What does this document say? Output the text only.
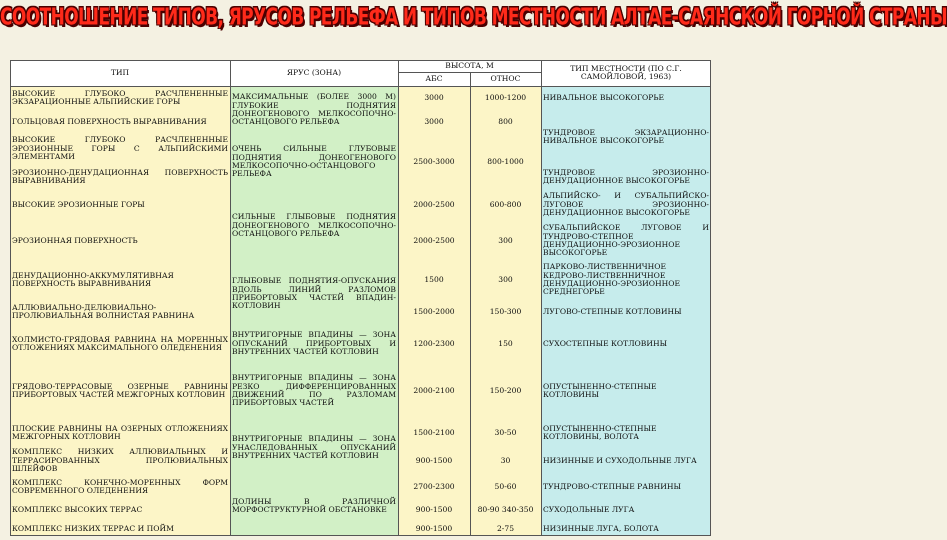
СООТНОШЕНИЕ ТИПОВ, ЯРУСОВ РЕЛЬЕФА И ТИПОВ МЕСТНОСТИ АЛТАЕ-САЯНСКОЙ ГОРНОЙ СТРАНЫ
ТИП	ЯРУС (ЗОНА)
ВЫСОТА, М
АБС	ОТНОС
ТИП МЕСТНОСТИ (ПО С.Г. САМОЙЛОВОЙ, 1963)
ВЫСОКИЕ ГЛУБОКО РАСЧЛЕНЕННЫЕ ЭКЗАРАЦИОННЫЕ АЛЬПИЙСКИЕ ГОРЫ
ГОЛЬЦОВАЯ ПОВЕРХНОСТЬ ВЫРАВНИВАНИЯ
ВЫСОКИЕ ГЛУБОКО РАСЧЛЕНЕННЫЕ ЭРОЗИОННЫЕ ГОРЫ С АЛЬПИЙСКИМИ ЭЛЕМЕНТАМИ
ЭРОЗИОННО-ДЕНУДАЦИОННАЯ ПОВЕРХНОСТЬ ВЫРАВНИВАНИЯ
ВЫСОКИЕ ЭРОЗИОННЫЕ ГОРЫ
ЭРОЗИОННАЯ ПОВЕРХНОСТЬ
ДЕНУДАЦИОННО-АККУМУЛЯТИВНАЯ ПОВЕРХНОСТЬ ВЫРАВНИВАНИЯ
АЛЛЮВИАЛЬНО-ДЕЛЮВИАЛЬНО-ПРОЛЮВИАЛЬНАЯ ВОЛНИСТАЯ РАВНИНА
ХОЛМИСТО-ГРЯДОВАЯ РАВНИНА НА МОРЕННЫХ ОТЛОЖЕНИЯХ МАКСИМАЛЬНОГО ОЛЕДЕНЕНИЯ
ГРЯДОВО-ТЕРРАСОВЫЕ ОЗЕРНЫЕ РАВНИНЫ ПРИБОРТОВЫХ ЧАСТЕЙ МЕЖГОРНЫХ КОТЛОВИН
ПЛОСКИЕ РАВНИНЫ НА ОЗЕРНЫХ ОТЛОЖЕНИЯХ МЕЖГОРНЫХ КОТЛОВИН
КОМПЛЕКС НИЗКИХ АЛЛЮВИАЛЬНЫХ И ТЕРРАСИРОВАННЫХ ПРОЛЮВИАЛЬНЫХ ШЛЕЙФОВ
КОМПЛЕКС КОНЕЧНО-МОРЕННЫХ ФОРМ СОВРЕМЕННОГО ОЛЕДЕНЕНИЯ
КОМПЛЕКС ВЫСОКИХ ТЕРРАС
КОМПЛЕКС НИЗКИХ ТЕРРАС И ПОЙМ
МАКСИМАЛЬНЫЕ (БОЛЕЕ 3000 М) ГЛУБОКИЕ ПОДНЯТИЯ ДОНЕОГЕНОВОГО МЕЛКОСОПОЧНО-ОСТАНЦОВОГО РЕЛЬЕФА
ОЧЕНЬ СИЛЬНЫЕ ГЛУБОВЫЕ ПОДНЯТИЯ ДОНЕОГЕНОВОГО МЕЛКОСОПОЧНО-ОСТАНЦОВОГО РЕЛЬЕФА
СИЛЬНЫЕ ГЛЫБОВЫЕ ПОДНЯТИЯ ДОНЕОГЕНОВОГО МЕЛКОСОПОЧНО-ОСТАНЦОВОГО РЕЛЬЕФА
ГЛЫБОВЫЕ ПОДНЯТИЯ-ОПУСКАНИЯ ВДОЛЬ ЛИНИЙ РАЗЛОМОВ ПРИБОРТОВЫХ ЧАСТЕЙ ВПАДИН-КОТЛОВИН
ВНУТРИГОРНЫЕ ВПАДИНЫ — ЗОНА ОПУСКАНИЙ ПРИБОРТОВЫХ И ВНУТРЕННИХ ЧАСТЕЙ КОТЛОВИН
ВНУТРИГОРНЫЕ ВПАДИНЫ — ЗОНА РЕЗКО ДИФФЕРЕНЦИРОВАННЫХ ДВИЖЕНИЙ ПО РАЗЛОМАМ ПРИБОРТОВЫХ ЧАСТЕЙ
ВНУТРИГОРНЫЕ ВПАДИНЫ — ЗОНА УНАСЛЕДОВАННЫХ ОПУСКАНИЙ ВНУТРЕННИХ ЧАСТЕЙ КОТЛОВИН
ДОЛИНЫ В РАЗЛИЧНОЙ МОРФОСТРУКТУРНОЙ ОБСТАНОВКЕ
3000
3000
2500-3000
2000-2500
2000-2500
1500
1500-2000
1200-2300
2000-2100
1500-2100
900-1500
2700-2300
900-1500
900-1500
1000-1200
800
800-1000
600-800
300
300
150-300
150
150-200
30-50
30
50-60
80-90 340-350
2-75
НИВАЛЬНОЕ ВЫСОКОГОРЬЕ
ТУНДРОВОЕ ЭКЗАРАЦИОННО-НИВАЛЬНОЕ ВЫСОКОГОРЬЕ
ТУНДРОВОЕ ЭРОЗИОННО-ДЕНУДАЦИОННОЕ ВЫСОКОГОРЬЕ
АЛЬПИЙСКО- И СУБАЛЬПИЙСКО-ЛУГОВОЕ ЭРОЗИОННО-ДЕНУДАЦИОННОЕ ВЫСОКОГОРЬЕ
СУБАЛЬПИЙСКОЕ ЛУГОВОЕ И ТУНДРОВО-СТЕПНОЕ ДЕНУДАЦИОННО-ЭРОЗИОННОЕ ВЫСОКОГОРЬЕ
ПАРКОВО-ЛИСТВЕННИЧНОЕ КЕДРОВО-ЛИСТВЕННИЧНОЕ ДЕНУДАЦИОННО-ЭРОЗИОННОЕ СРЕДНЕГОРЬЕ
ЛУГОВО-СТЕПНЫЕ КОТЛОВИНЫ
СУХОСТЕПНЫЕ КОТЛОВИНЫ
ОПУСТЫНЕННО-СТЕПНЫЕ КОТЛОВИНЫ
ОПУСТЫНЕННО-СТЕПНЫЕ КОТЛОВИНЫ, ВОЛОТА
НИЗИННЫЕ И СУХОДОЛЬНЫЕ ЛУГА
ТУНДРОВО-СТЕПНЫЕ РАВНИНЫ
СУХОДОЛЬНЫЕ ЛУГА
НИЗИННЫЕ ЛУГА, БОЛОТА
